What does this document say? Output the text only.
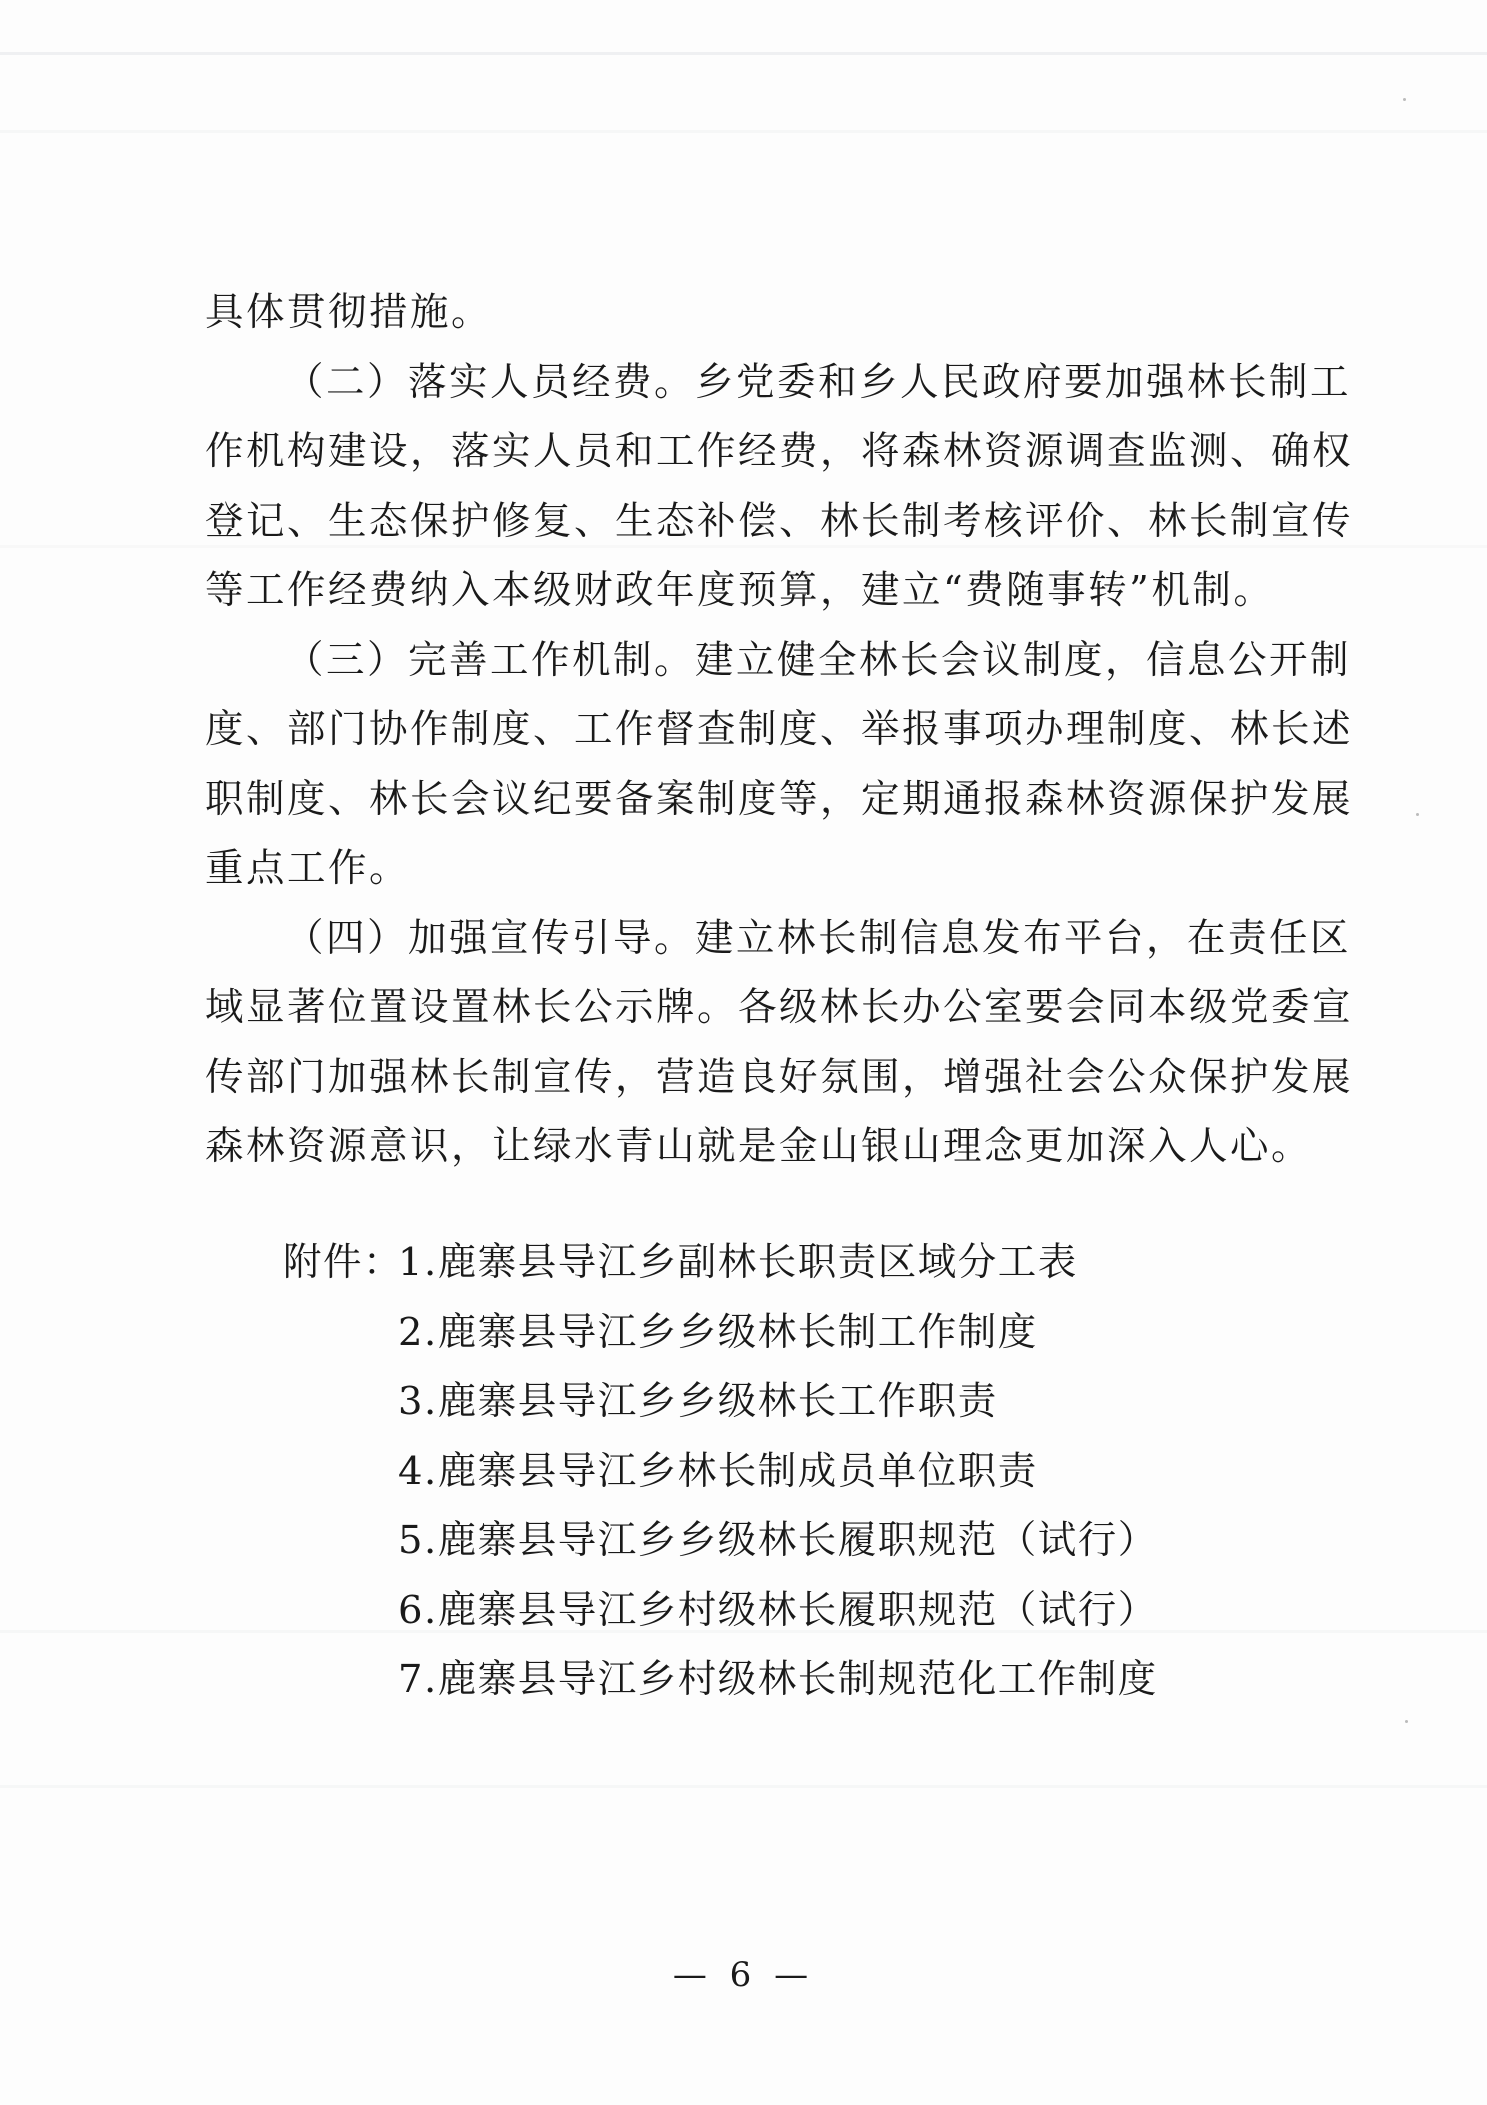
具体贯彻措施。
（二）落实人员经费。乡党委和乡人民政府要加强林长制工
作机构建设，落实人员和工作经费，将森林资源调查监测、确权
登记、生态保护修复、生态补偿、林长制考核评价、林长制宣传
等工作经费纳入本级财政年度预算，建立“费随事转”机制。
（三）完善工作机制。建立健全林长会议制度，信息公开制
度、部门协作制度、工作督查制度、举报事项办理制度、林长述
职制度、林长会议纪要备案制度等，定期通报森林资源保护发展
重点工作。
（四）加强宣传引导。建立林长制信息发布平台，在责任区
域显著位置设置林长公示牌。各级林长办公室要会同本级党委宣
传部门加强林长制宣传，营造良好氛围，增强社会公众保护发展
森林资源意识，让绿水青山就是金山银山理念更加深入人心。
附件：
1.鹿寨县导江乡副林长职责区域分工表
2.鹿寨县导江乡乡级林长制工作制度
3.鹿寨县导江乡乡级林长工作职责
4.鹿寨县导江乡林长制成员单位职责
5.鹿寨县导江乡乡级林长履职规范（试行）
6.鹿寨县导江乡村级林长履职规范（试行）
7.鹿寨县导江乡村级林长制规范化工作制度
— 6 —
